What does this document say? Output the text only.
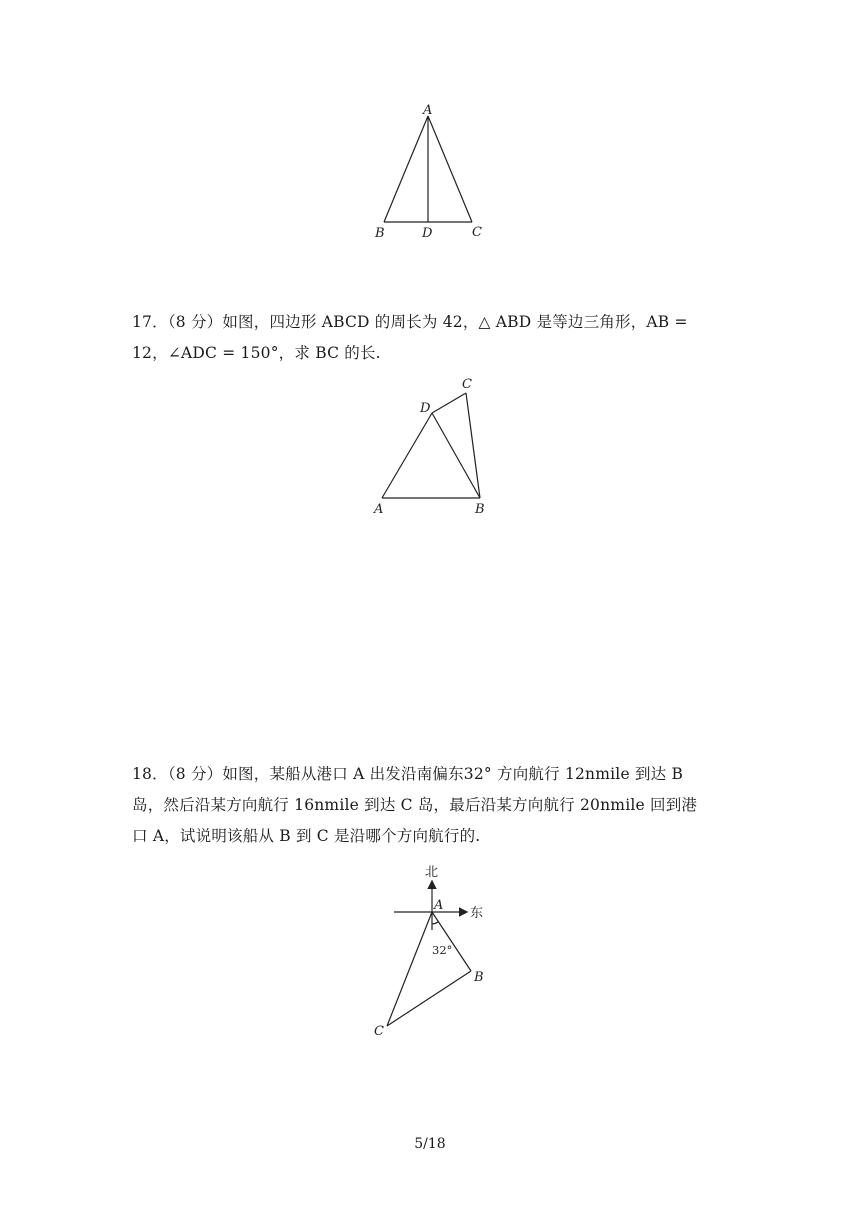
A
B	D	C
17．（8 分）如图，四边形 ABCD 的周长为 42，△ ABD 是等边三角形，AB =
12，∠ADC = 150°，求 BC 的长.
C
D
A	B
18．（8 分）如图，某船从港口 A 出发沿南偏东32° 方向航行 12nmile 到达 B
岛，然后沿某方向航行 16nmile 到达 C 岛，最后沿某方向航行 20nmile 回到港
口 A，试说明该船从 B 到 C 是沿哪个方向航行的.
北
东
A
32°
B
C
5/18
